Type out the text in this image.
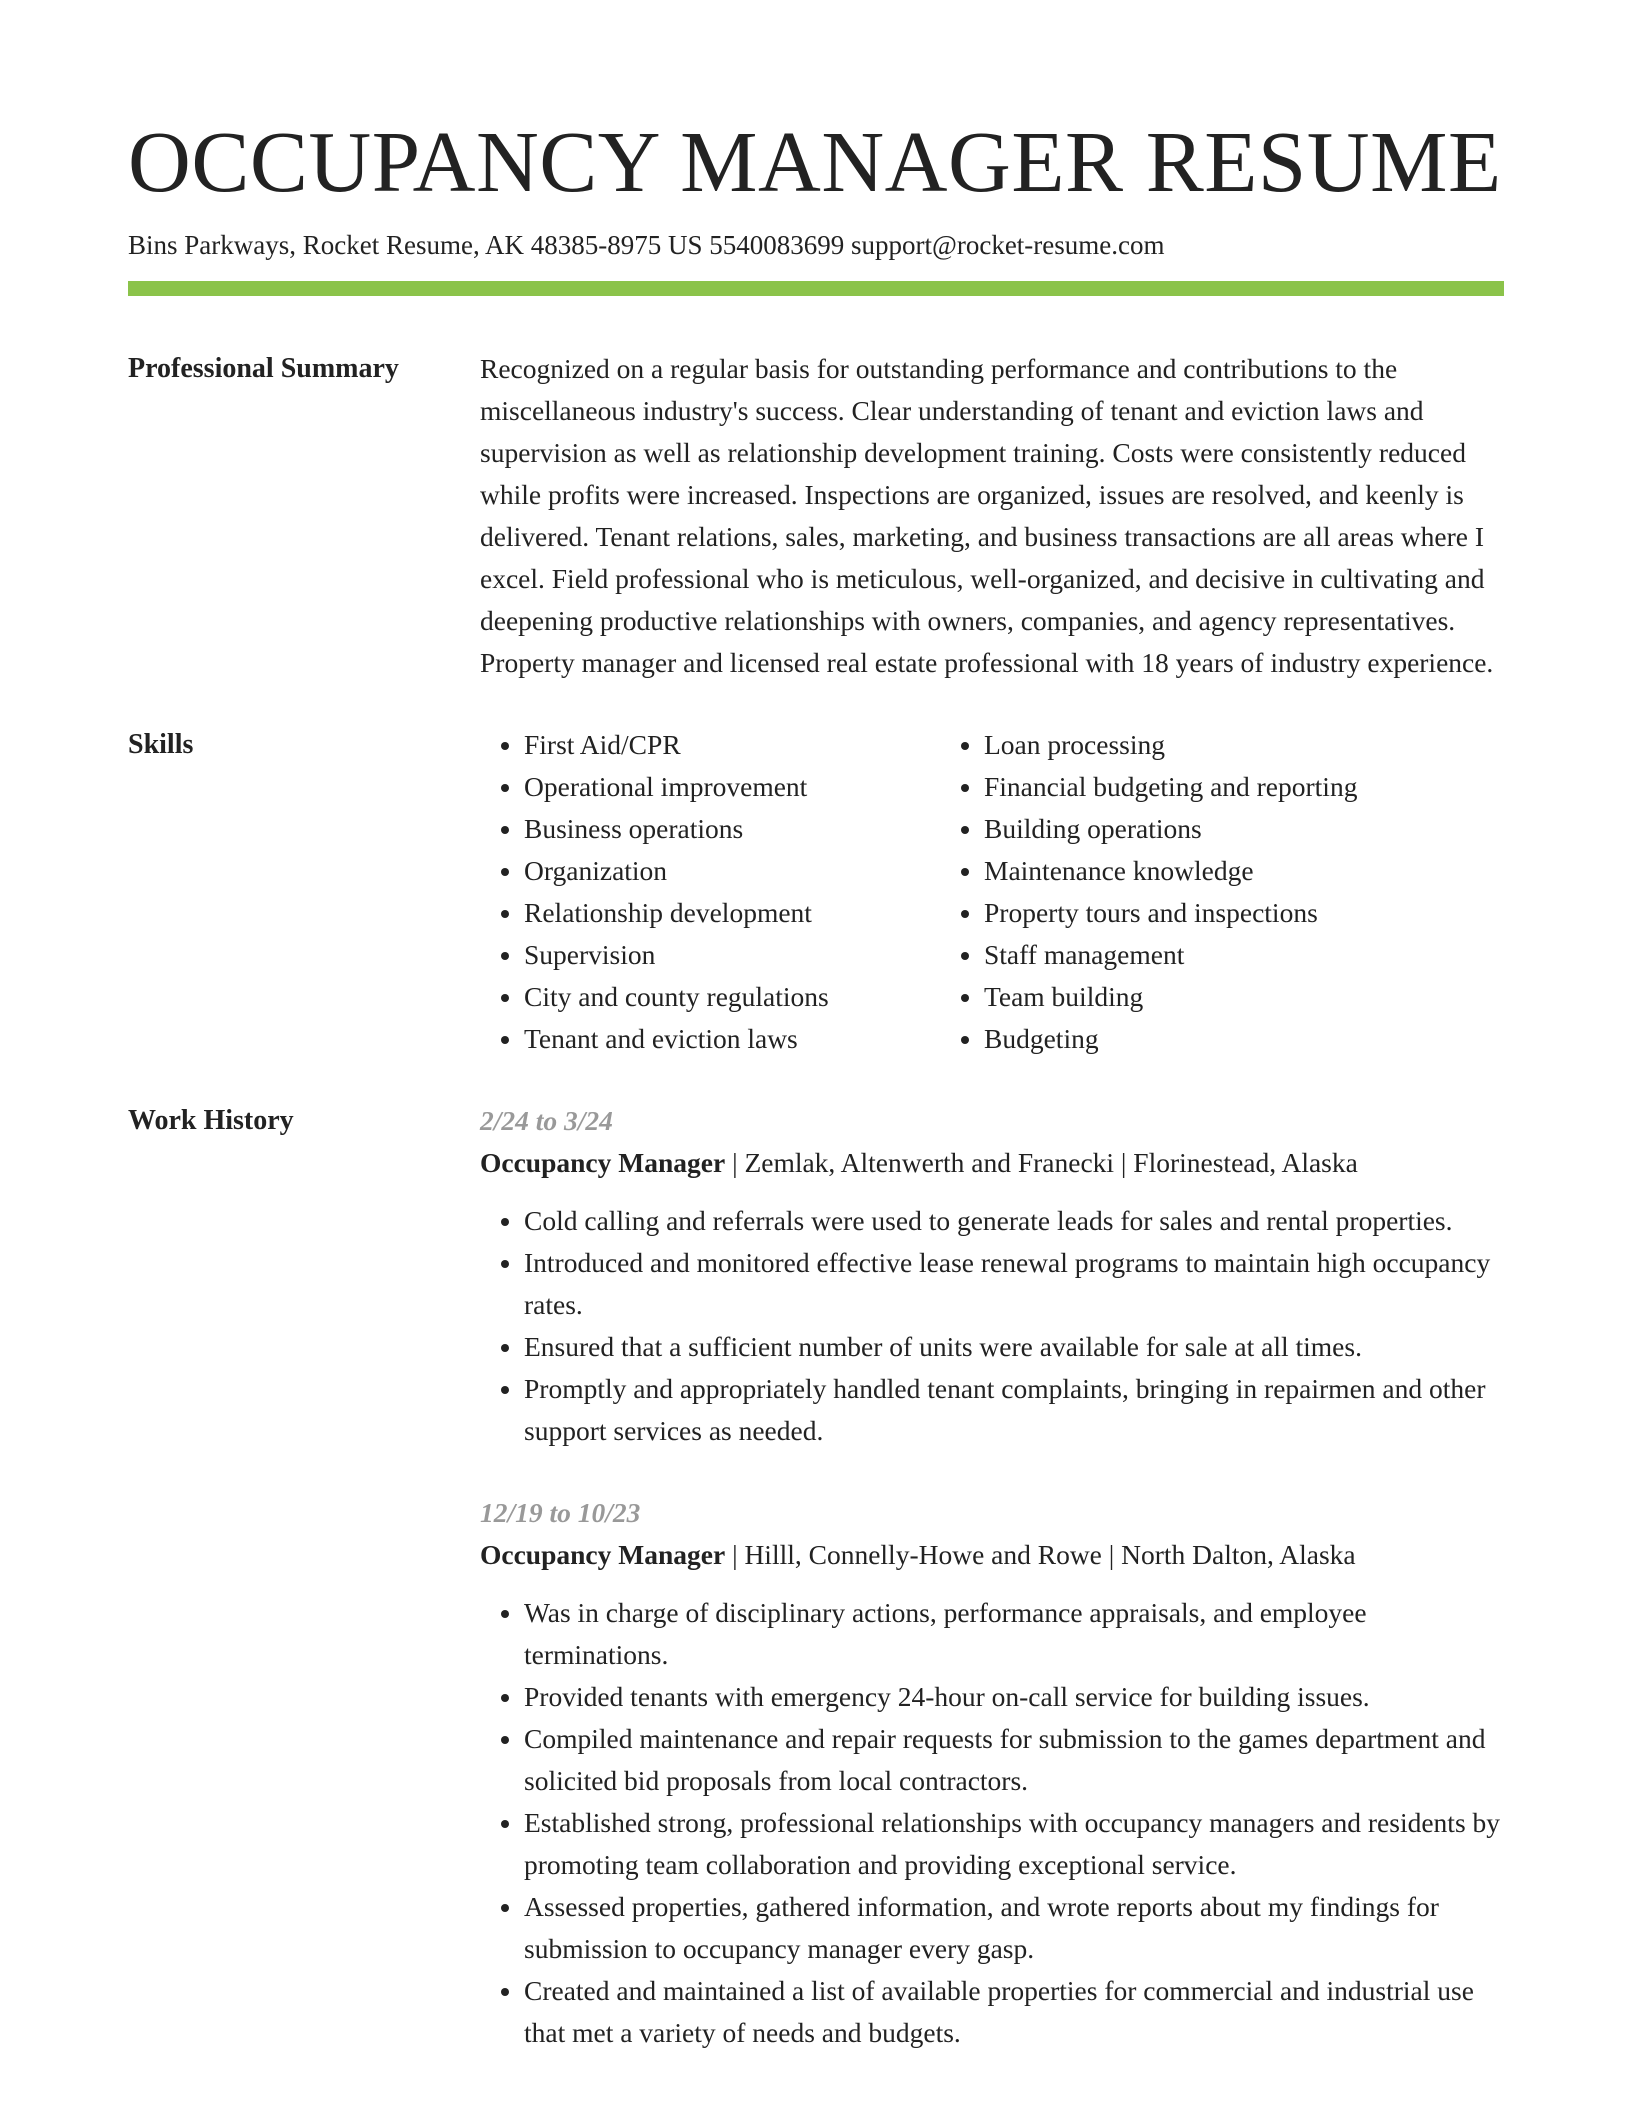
OCCUPANCY MANAGER RESUME
Bins Parkways, Rocket Resume, AK 48385-8975 US 5540083699 support@rocket-resume.com
Professional Summary	Recognized on a regular basis for outstanding performance and contributions to the miscellaneous industry's success. Clear understanding of tenant and eviction laws and supervision as well as relationship development training. Costs were consistently reduced while profits were increased. Inspections are organized, issues are resolved, and keenly is delivered. Tenant relations, sales, marketing, and business transactions are all areas where I excel. Field professional who is meticulous, well-organized, and decisive in cultivating and deepening productive relationships with owners, companies, and agency representatives. Property manager and licensed real estate professional with 18 years of industry experience.

Skills
•	First Aid/CPR
• Operational improvement
• Business operations
• Organization
• Relationship development
• Supervision
• City and county regulations
• Tenant and eviction laws
• Loan processing
• Financial budgeting and reporting
• Building operations
• Maintenance knowledge
• Property tours and inspections
• Staff management
• Team building
• Budgeting
Work History	2/24 to 3/24
Occupancy Manager | Zemlak, Altenwerth and Franecki | Florinestead, Alaska
• Cold calling and referrals were used to generate leads for sales and rental properties.
• Introduced and monitored effective lease renewal programs to maintain high occupancy rates.
• Ensured that a sufficient number of units were available for sale at all times.
• Promptly and appropriately handled tenant complaints, bringing in repairmen and other support services as needed.
12/19 to 10/23
Occupancy Manager | Hilll, Connelly-Howe and Rowe | North Dalton, Alaska
• Was in charge of disciplinary actions, performance appraisals, and employee terminations.
• Provided tenants with emergency 24-hour on-call service for building issues.
• Compiled maintenance and repair requests for submission to the games department and solicited bid proposals from local contractors.
• Established strong, professional relationships with occupancy managers and residents by promoting team collaboration and providing exceptional service.
• Assessed properties, gathered information, and wrote reports about my findings for submission to occupancy manager every gasp.
• Created and maintained a list of available properties for commercial and industrial use that met a variety of needs and budgets.
